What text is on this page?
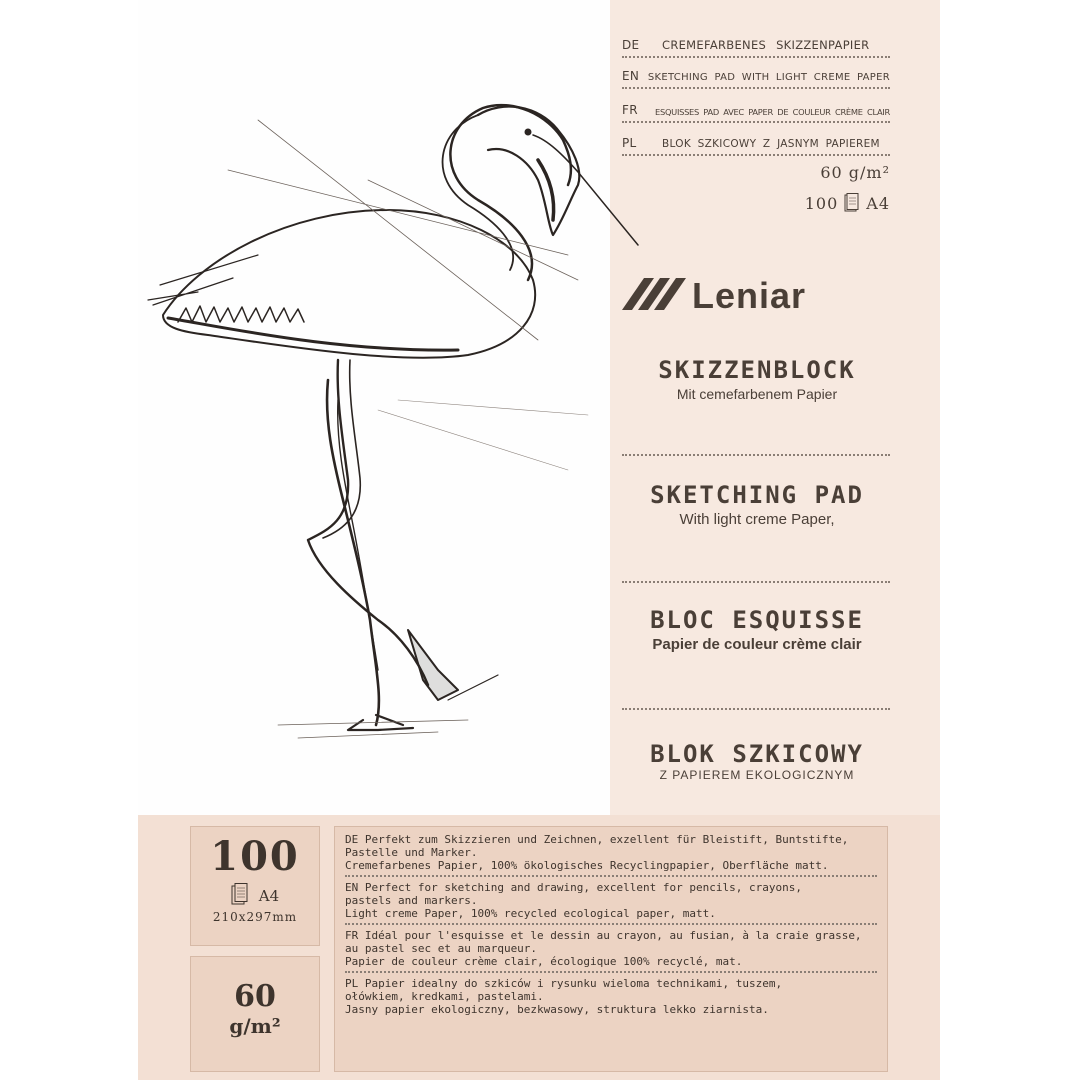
DE	CREMEFARBENES SKIZZENPAPIER
EN SKETCHING PAD WITH LIGHT CREME PAPER
FR	ESQUISSES PAD AVEC PAPER DE COULEUR CRÈME CLAIR
PL	BLOK SZKICOWY Z JASNYM PAPIEREM
60 g/m²
100 A4
Leniar
SKIZZENBLOCK
Mit cemefarbenem Papier
SKETCHING PAD
With light creme Paper,
BLOC ESQUISSE
Papier de couleur crème clair
BLOK SZKICOWY
Z PAPIEREM EKOLOGICZNYM
100
A4
210x297mm
60
g/m²
DE Perfekt zum Skizzieren und Zeichnen, exzellent für Bleistift, Buntstifte,
Pastelle und Marker.
Cremefarbenes Papier, 100% ökologisches Recyclingpapier, Oberfläche matt.
EN Perfect for sketching and drawing, excellent for pencils, crayons,
pastels and markers.
Light creme Paper, 100% recycled ecological paper, matt.
FR Idéal pour l'esquisse et le dessin au crayon, au fusian, à la craie grasse,
au pastel sec et au marqueur.
Papier de couleur crème clair, écologique 100% recyclé, mat.
PL Papier idealny do szkiców i rysunku wieloma technikami, tuszem,
ołówkiem, kredkami, pastelami.
Jasny papier ekologiczny, bezkwasowy, struktura lekko ziarnista.
